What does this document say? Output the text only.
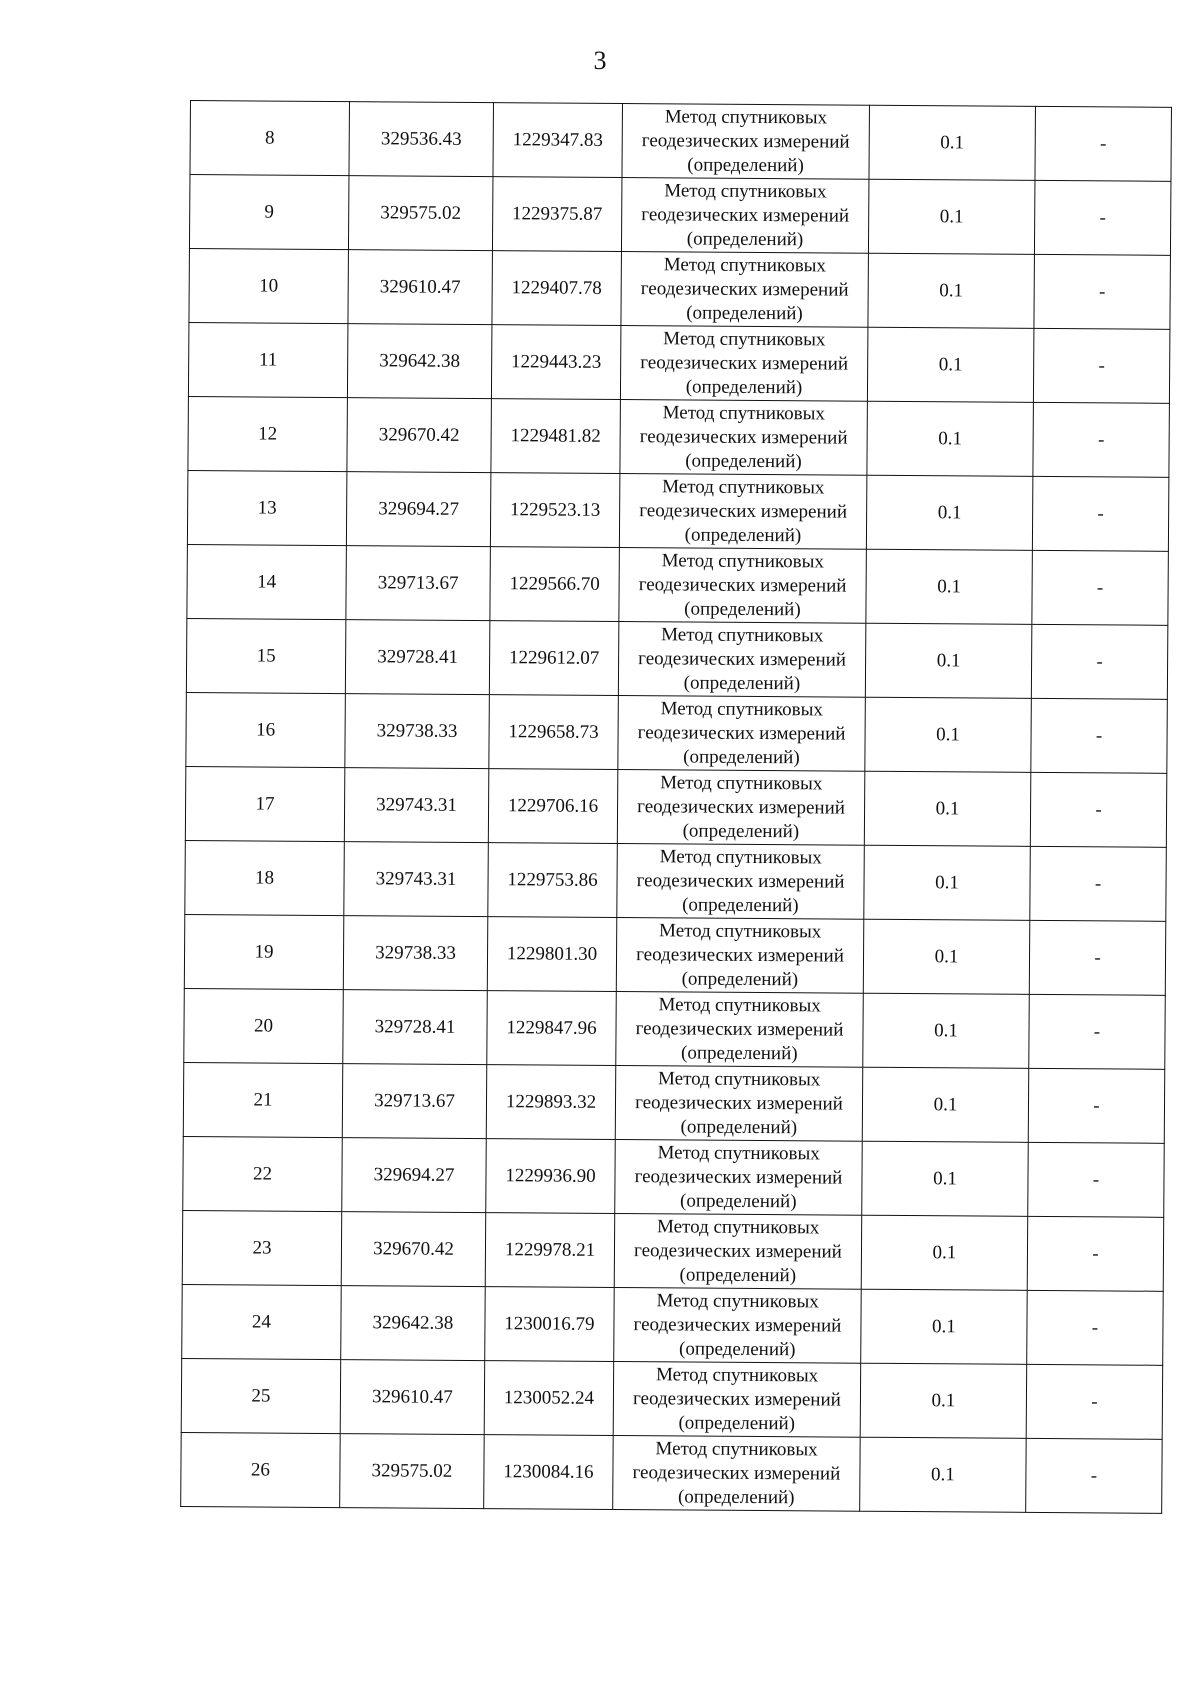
3
8	329536.43	1229347.83	Метод спутниковых
геодезических измерений
(определений)	0.1	-
9	329575.02	1229375.87	Метод спутниковых
геодезических измерений
(определений)	0.1	-
10	329610.47	1229407.78	Метод спутниковых
геодезических измерений
(определений)	0.1	-
11	329642.38	1229443.23	Метод спутниковых
геодезических измерений
(определений)	0.1	-
12	329670.42	1229481.82	Метод спутниковых
геодезических измерений
(определений)	0.1	-
13	329694.27	1229523.13	Метод спутниковых
геодезических измерений
(определений)	0.1	-
14	329713.67	1229566.70	Метод спутниковых
геодезических измерений
(определений)	0.1	-
15	329728.41	1229612.07	Метод спутниковых
геодезических измерений
(определений)	0.1	-
16	329738.33	1229658.73	Метод спутниковых
геодезических измерений
(определений)	0.1	-
17	329743.31	1229706.16	Метод спутниковых
геодезических измерений
(определений)	0.1	-
18	329743.31	1229753.86	Метод спутниковых
геодезических измерений
(определений)	0.1	-
19	329738.33	1229801.30	Метод спутниковых
геодезических измерений
(определений)	0.1	-
20	329728.41	1229847.96	Метод спутниковых
геодезических измерений
(определений)	0.1	-
21	329713.67	1229893.32	Метод спутниковых
геодезических измерений
(определений)	0.1	-
22	329694.27	1229936.90	Метод спутниковых
геодезических измерений
(определений)	0.1	-
23	329670.42	1229978.21	Метод спутниковых
геодезических измерений
(определений)	0.1	-
24	329642.38	1230016.79	Метод спутниковых
геодезических измерений
(определений)	0.1	-
25	329610.47	1230052.24	Метод спутниковых
геодезических измерений
(определений)	0.1	-
26	329575.02	1230084.16	Метод спутниковых
геодезических измерений
(определений)	0.1	-
